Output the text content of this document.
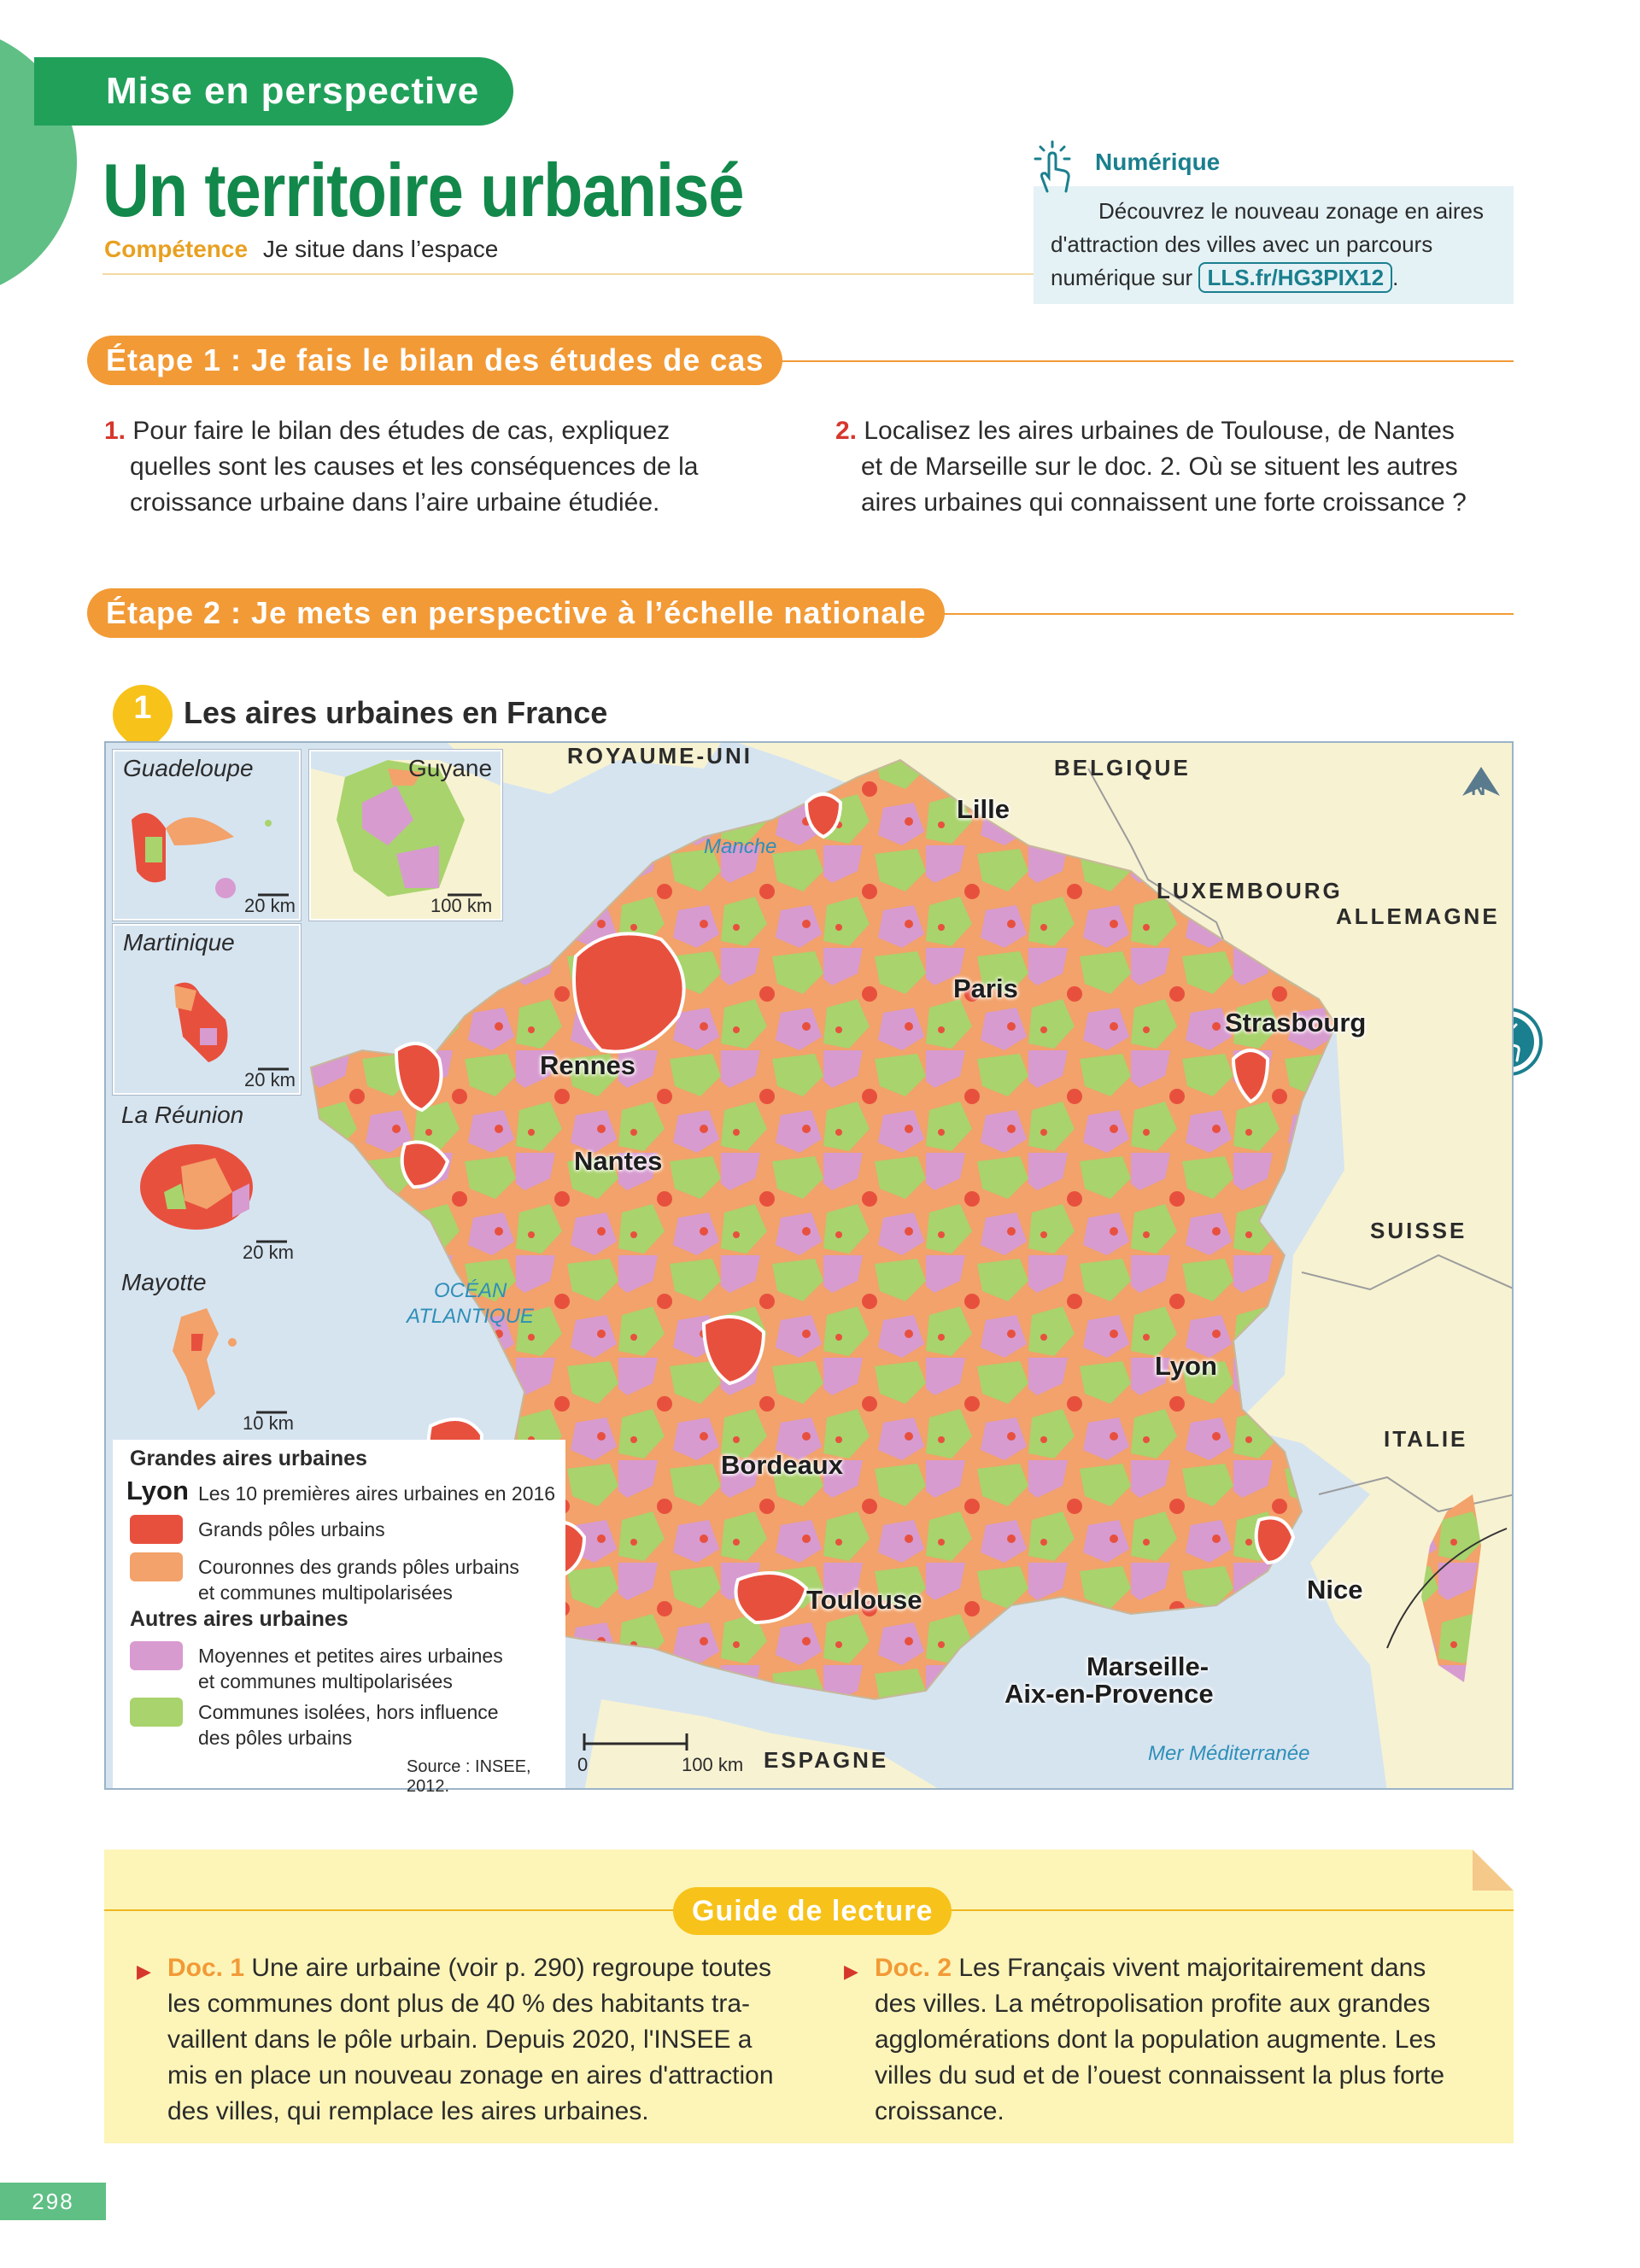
Mise en perspective
Un territoire urbanisé
Compétence Je situe dans l’espace
Découvrez le nouveau zonage en aires
d'attraction des villes avec un parcours
numérique sur LLS.fr/HG3PIX12 .
Numérique
Étape 1 : Je fais le bilan des études de cas
1. Pour faire le bilan des études de cas, expliquez
quelles sont les causes et les conséquences de la
croissance urbaine dans l’aire urbaine étudiée.
2. Localisez les aires urbaines de Toulouse, de Nantes
et de Marseille sur le doc. 2. Où se situent les autres
aires urbaines qui connaissent une forte croissance ?
Étape 2 : Je mets en perspective à l’échelle nationale
1	Les aires urbaines en France
Guadeloupe
20 km
Guyane
100 km
Martinique
20 km
La Réunion
20 km
Mayotte
10 km
ROYAUME-UNI	BELGIQUE
LUXEMBOURG
ALLEMAGNE
SUISSE
ITALIE
ESPAGNE
Manche
OCÉAN
ATLANTIQUE
Mer Méditerranée
Lille
Paris
Strasbourg
Rennes
Nantes
Lyon
Bordeaux
Toulouse	Nice
Marseille-
Aix-en-Provence
N
0	100 km
Grandes aires urbaines
Lyon Les 10 premières aires urbaines en 2016
Grands pôles urbains
Couronnes des grands pôles urbains
et communes multipolarisées
Autres aires urbaines
Moyennes et petites aires urbaines
et communes multipolarisées
Communes isolées, hors influence
des pôles urbains
Source : INSEE, 2012.
Guide de lecture
▶ Doc. 1 Une aire urbaine (voir p. 290) regroupe toutes
les communes dont plus de 40 % des habitants tra-
vaillent dans le pôle urbain. Depuis 2020, l'INSEE a
mis en place un nouveau zonage en aires d'attraction
des villes, qui remplace les aires urbaines.
▶ Doc. 2 Les Français vivent majoritairement dans
des villes. La métropolisation profite aux grandes
agglomérations dont la population augmente. Les
villes du sud et de l’ouest connaissent la plus forte
croissance.
298
